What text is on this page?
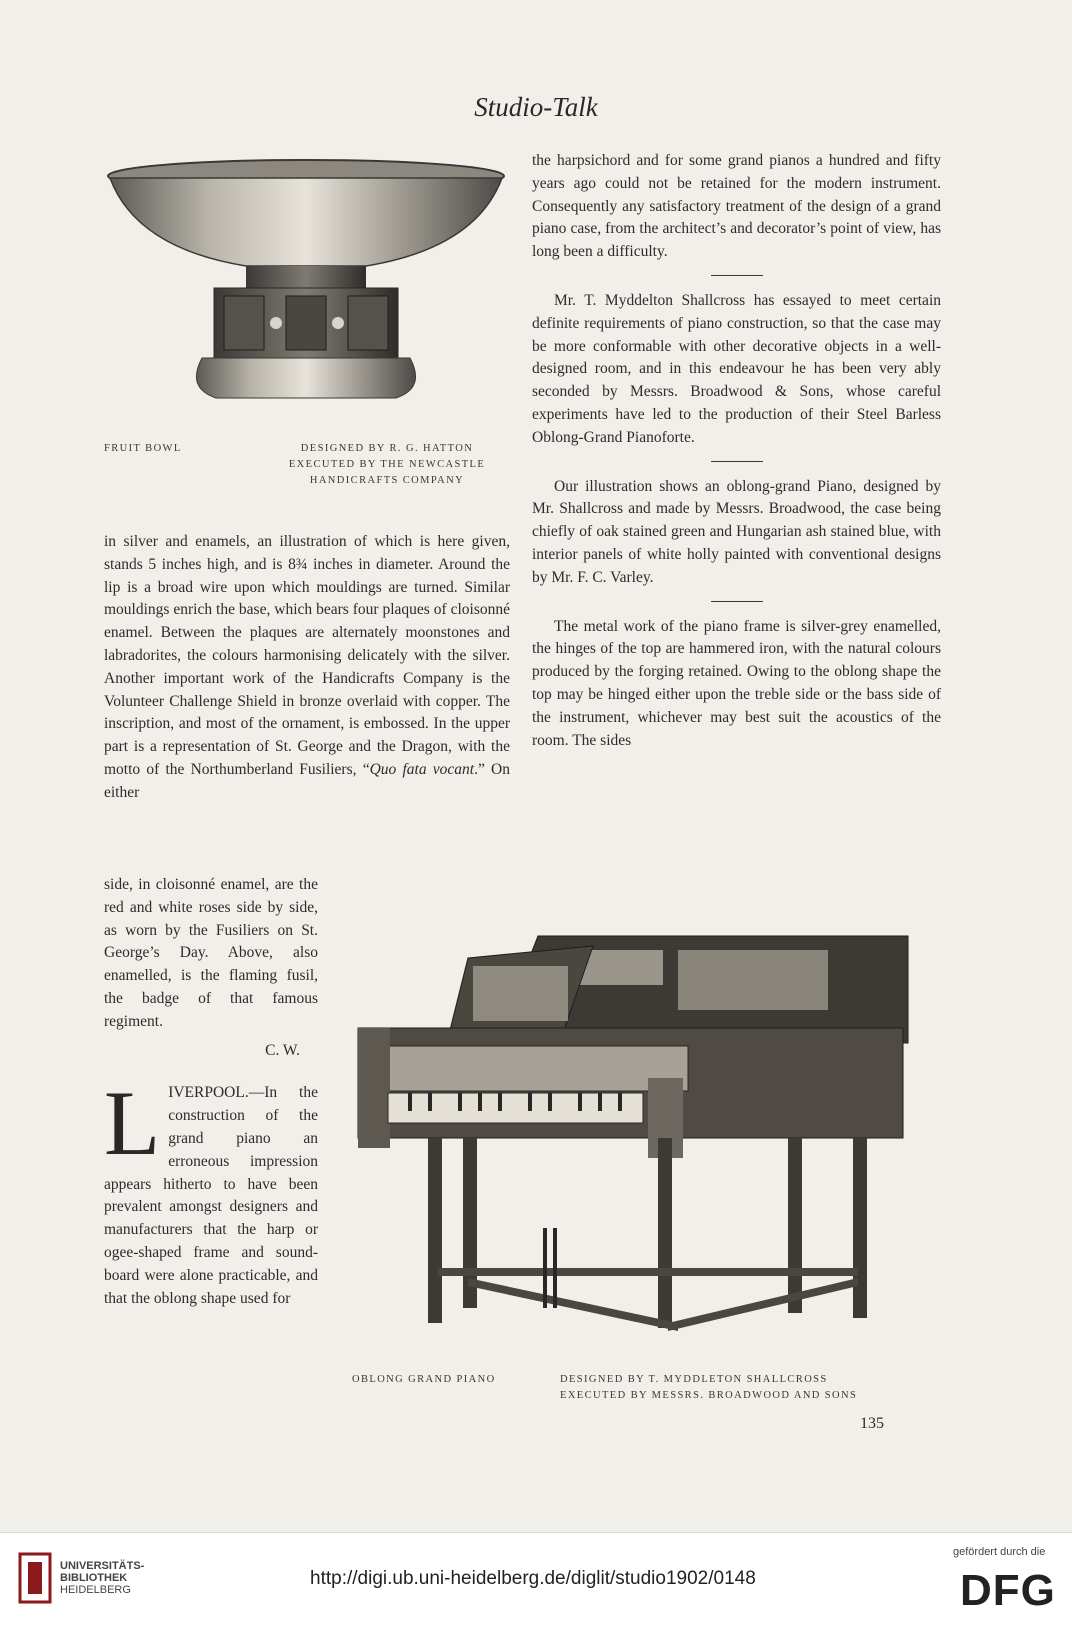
Studio-Talk
FRUIT BOWL	DESIGNED BY R. G. HATTON
EXECUTED BY THE NEWCASTLE
HANDICRAFTS COMPANY

in silver and enamels, an illustration of which is here given, stands 5 inches high, and is 8¾ inches in diameter. Around the lip is a broad wire upon which mouldings are turned. Similar mouldings enrich the base, which bears four plaques of cloisonné enamel. Between the plaques are alternately moonstones and labradorites, the colours harmonising delicately with the silver. Another important work of the Handicrafts Company is the Volunteer Challenge Shield in bronze overlaid with copper. The inscription, and most of the ornament, is embossed. In the upper part is a representation of St. George and the Dragon, with the motto of the Northumberland Fusiliers, “Quo fata vocant.” On either

side, in cloisonné enamel, are the red and white roses side by side, as worn by the Fusiliers on St. George’s Day. Above, also enamelled, is the flaming fusil, the badge of that famous regiment.

C. W.

LIVERPOOL.—In the construction of the grand piano an erroneous impression appears hitherto to have been prevalent amongst designers and manufacturers that the harp or ogee-shaped frame and sound-board were alone practicable, and that the oblong shape used for

the harpsichord and for some grand pianos a hundred and fifty years ago could not be retained for the modern instrument. Consequently any satisfactory treatment of the design of a grand piano case, from the architect’s and decorator’s point of view, has long been a difficulty.

Mr. T. Myddelton Shallcross has essayed to meet certain definite requirements of piano construction, so that the case may be more conformable with other decorative objects in a well-designed room, and in this endeavour he has been very ably seconded by Messrs. Broadwood & Sons, whose careful experiments have led to the production of their Steel Barless Oblong-Grand Pianoforte.

Our illustration shows an oblong-grand Piano, designed by Mr. Shallcross and made by Messrs. Broadwood, the case being chiefly of oak stained green and Hungarian ash stained blue, with interior panels of white holly painted with conventional designs by Mr. F. C. Varley.

The metal work of the piano frame is silver-grey enamelled, the hinges of the top are hammered iron, with the natural colours produced by the forging retained. Owing to the oblong shape the top may be hinged either upon the treble side or the bass side of the instrument, whichever may best suit the acoustics of the room. The sides

OBLONG GRAND PIANO	DESIGNED BY T. MYDDLETON SHALLCROSS
EXECUTED BY MESSRS. BROADWOOD AND SONS
135
UNIVERSITÄTS-
BIBLIOTHEK
HEIDELBERG
http://digi.ub.uni-heidelberg.de/diglit/studio1902/0148
gefördert durch die
DFG
